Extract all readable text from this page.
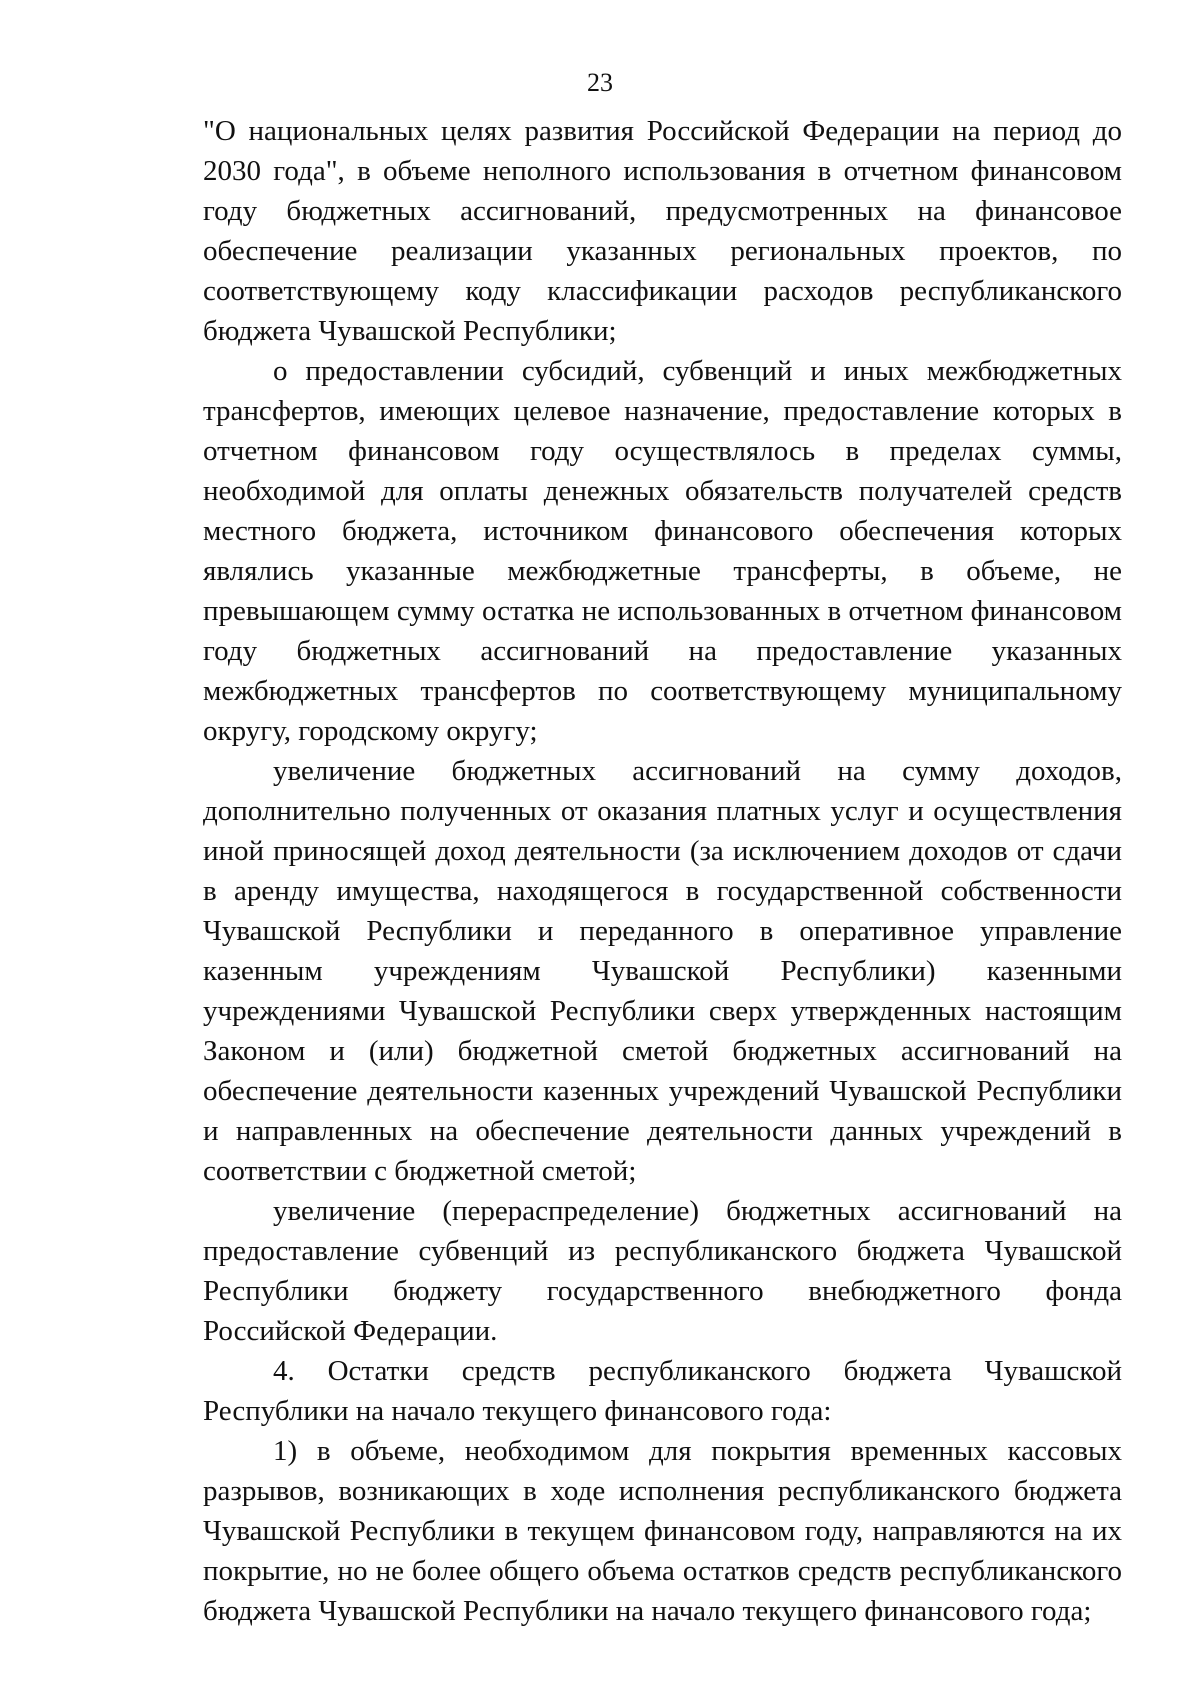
23

"О национальных целях развития Российской Федерации на период до 2030 года", в объеме неполного использования в отчетном финансовом году бюджетных ассигнований, предусмотренных на финансовое обеспечение реализации указанных региональных проектов, по соответствующему коду классификации расходов республиканского бюджета Чувашской Республики;

о предоставлении субсидий, субвенций и иных межбюджетных трансфертов, имеющих целевое назначение, предоставление которых в отчетном финансовом году осуществлялось в пределах суммы, необходимой для оплаты денежных обязательств получателей средств местного бюджета, источником финансового обеспечения которых являлись указанные межбюджетные трансферты, в объеме, не превышающем сумму остатка не использованных в отчетном финансовом году бюджетных ассигнований на предоставление указанных межбюджетных трансфертов по соответствующему муниципальному округу, городскому округу;

увеличение бюджетных ассигнований на сумму доходов, дополнительно полученных от оказания платных услуг и осуществления иной приносящей доход деятельности (за исключением доходов от сдачи в аренду имущества, находящегося в государственной собственности Чувашской Республики и переданного в оперативное управление казенным учреждениям Чувашской Республики) казенными учреждениями Чувашской Республики сверх утвержденных настоящим Законом и (или) бюджетной сметой бюджетных ассигнований на обеспечение деятельности казенных учреждений Чувашской Республики и направленных на обеспечение деятельности данных учреждений в соответствии с бюджетной сметой;

увеличение (перераспределение) бюджетных ассигнований на предоставление субвенций из республиканского бюджета Чувашской Республики бюджету государственного внебюджетного фонда Российской Федерации.

4. Остатки средств республиканского бюджета Чувашской Республики на начало текущего финансового года:

1) в объеме, необходимом для покрытия временных кассовых разрывов, возникающих в ходе исполнения республиканского бюджета Чувашской Республики в текущем финансовом году, направляются на их покрытие, но не более общего объема остатков средств республиканского бюджета Чувашской Республики на начало текущего финансового года;
